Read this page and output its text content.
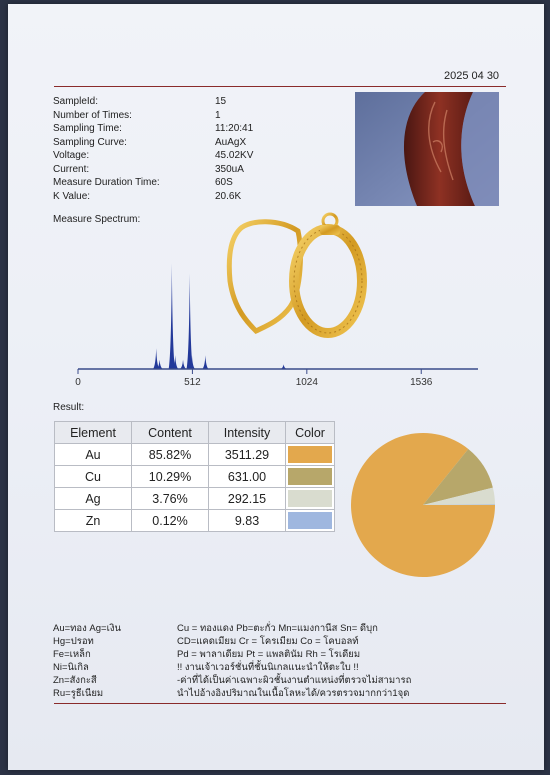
2025 04 30
SampleId:	15
Number of Times:	1
Sampling Time:	11:20:41
Sampling Curve:	AuAgX
Voltage:	45.02KV
Current:	350uA
Measure Duration Time:	60S
K Value:	20.6K
Measure Spectrum:
0	512	1024	1536
Result:
Element	Content	Intensity	Color
Au	85.82%	3511.29	

Cu	10.29%	631.00	

Ag	3.76%	292.15	

Zn	0.12%	9.83	
Au=ทอง Ag=เงิน	Cu = ทองแดง Pb=ตะกั่ว Mn=แมงกานีส Sn= ดีบุก
Hg=ปรอท	CD=แคดเมียม Cr = โครเมียม Co = โคบอลท์
Fe=เหล็ก	Pd = พาลาเดียม Pt = แพลตินัม Rh = โรเดียม
Ni=นิเกิล	!! งานเจ้าเวอร์ชั่นที่ชั้นนิเกลแนะนำให้ตะใบ !!
Zn=สังกะสี	-ค่าที่ได้เป็นค่าเฉพาะผิวชั้นงานตำแหน่งที่ตรวจไม่สามารถ
Ru=รูธีเนียม	นำไปอ้างอิงปริมาณในเนื้อโลหะได้/ควรตรวจมากกว่า1จุด
